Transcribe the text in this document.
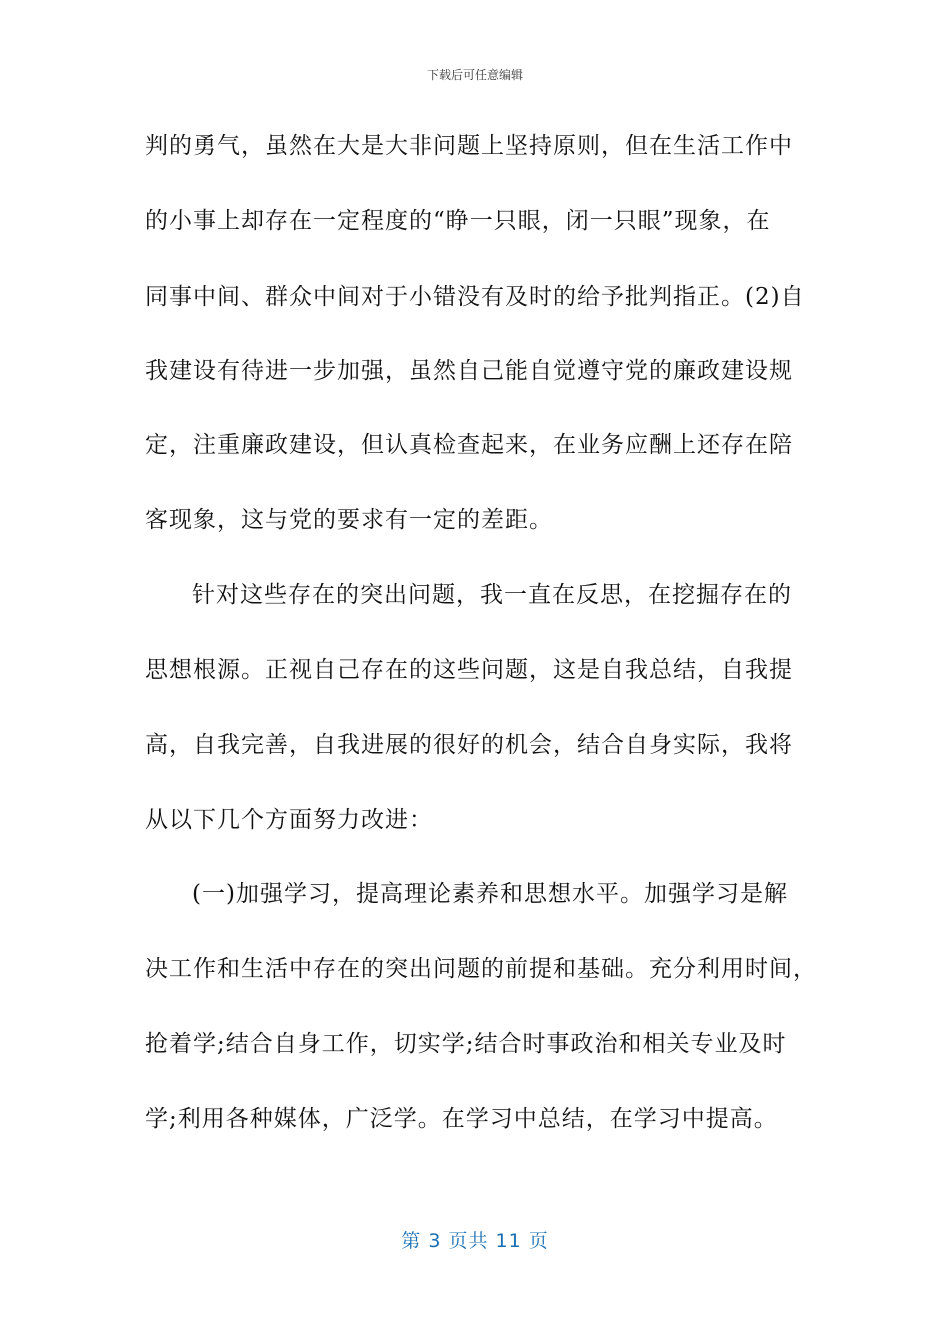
下载后可任意编辑
判的勇气，虽然在大是大非问题上坚持原则，但在生活工作中
的小事上却存在一定程度的“睁一只眼，闭一只眼”现象，在
同事中间、群众中间对于小错没有及时的给予批判指正。(2)自
我建设有待进一步加强，虽然自己能自觉遵守党的廉政建设规
定，注重廉政建设，但认真检查起来，在业务应酬上还存在陪
客现象，这与党的要求有一定的差距。
针对这些存在的突出问题，我一直在反思，在挖掘存在的
思想根源。正视自己存在的这些问题，这是自我总结，自我提
高，自我完善，自我进展的很好的机会，结合自身实际，我将
从以下几个方面努力改进：
(一)加强学习，提高理论素养和思想水平。加强学习是解
决工作和生活中存在的突出问题的前提和基础。充分利用时间，
抢着学;结合自身工作，切实学;结合时事政治和相关专业及时
学;利用各种媒体，广泛学。在学习中总结，在学习中提高。
第 3 页共 11 页
